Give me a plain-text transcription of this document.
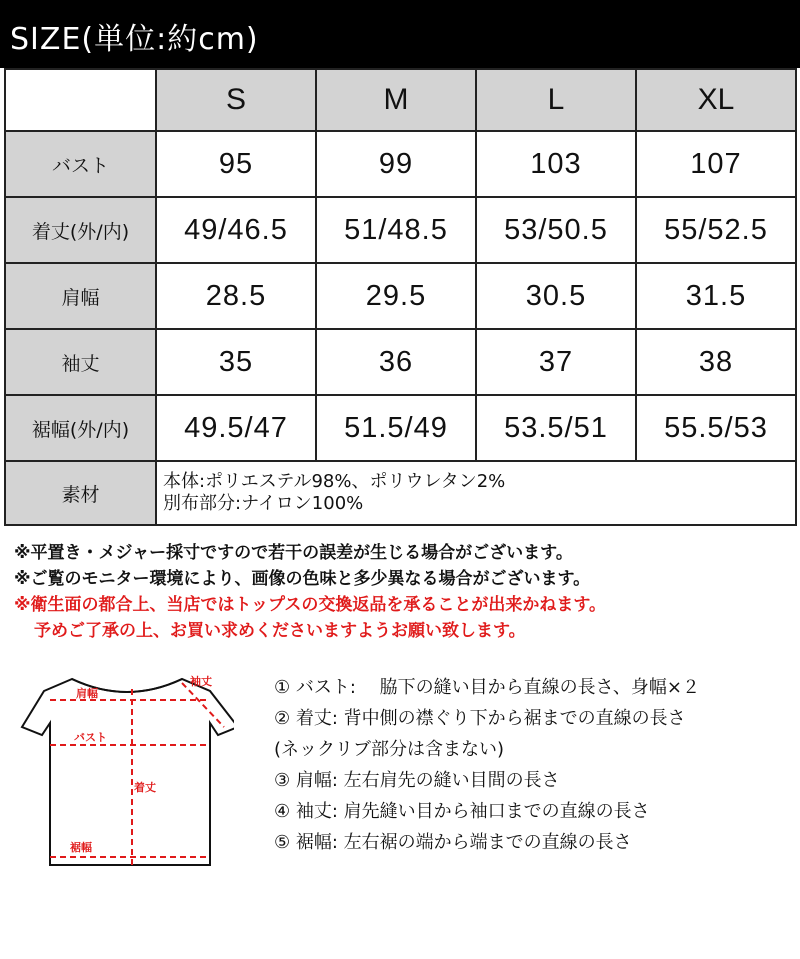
SIZE(単位:約cm)
	S	M	L	XL
バスト	95	99	103	107
着丈(外/内)	49/46.5	51/48.5	53/50.5	55/52.5
肩幅	28.5	29.5	30.5	31.5
袖丈	35	36	37	38
裾幅(外/内)	49.5/47	51.5/49	53.5/51	55.5/53
素材	本体:ポリエステル98%、ポリウレタン2%
別布部分:ナイロン100%			
※平置き・メジャー採寸ですので若干の誤差が生じる場合がございます。
※ご覧のモニター環境により、画像の色味と多少異なる場合がございます。
※衛生面の都合上、当店ではトップスの交換返品を承ることが出来かねます。
予めご了承の上、お買い求めくださいますようお願い致します。
袖丈
肩幅
バスト
着丈
裾幅
① バスト:　 脇下の縫い目から直線の長さ、身幅×２
② 着丈: 背中側の襟ぐり下から裾までの直線の長さ
(ネックリブ部分は含まない)
③ 肩幅: 左右肩先の縫い目間の長さ
④ 袖丈: 肩先縫い目から袖口までの直線の長さ
⑤ 裾幅: 左右裾の端から端までの直線の長さ
